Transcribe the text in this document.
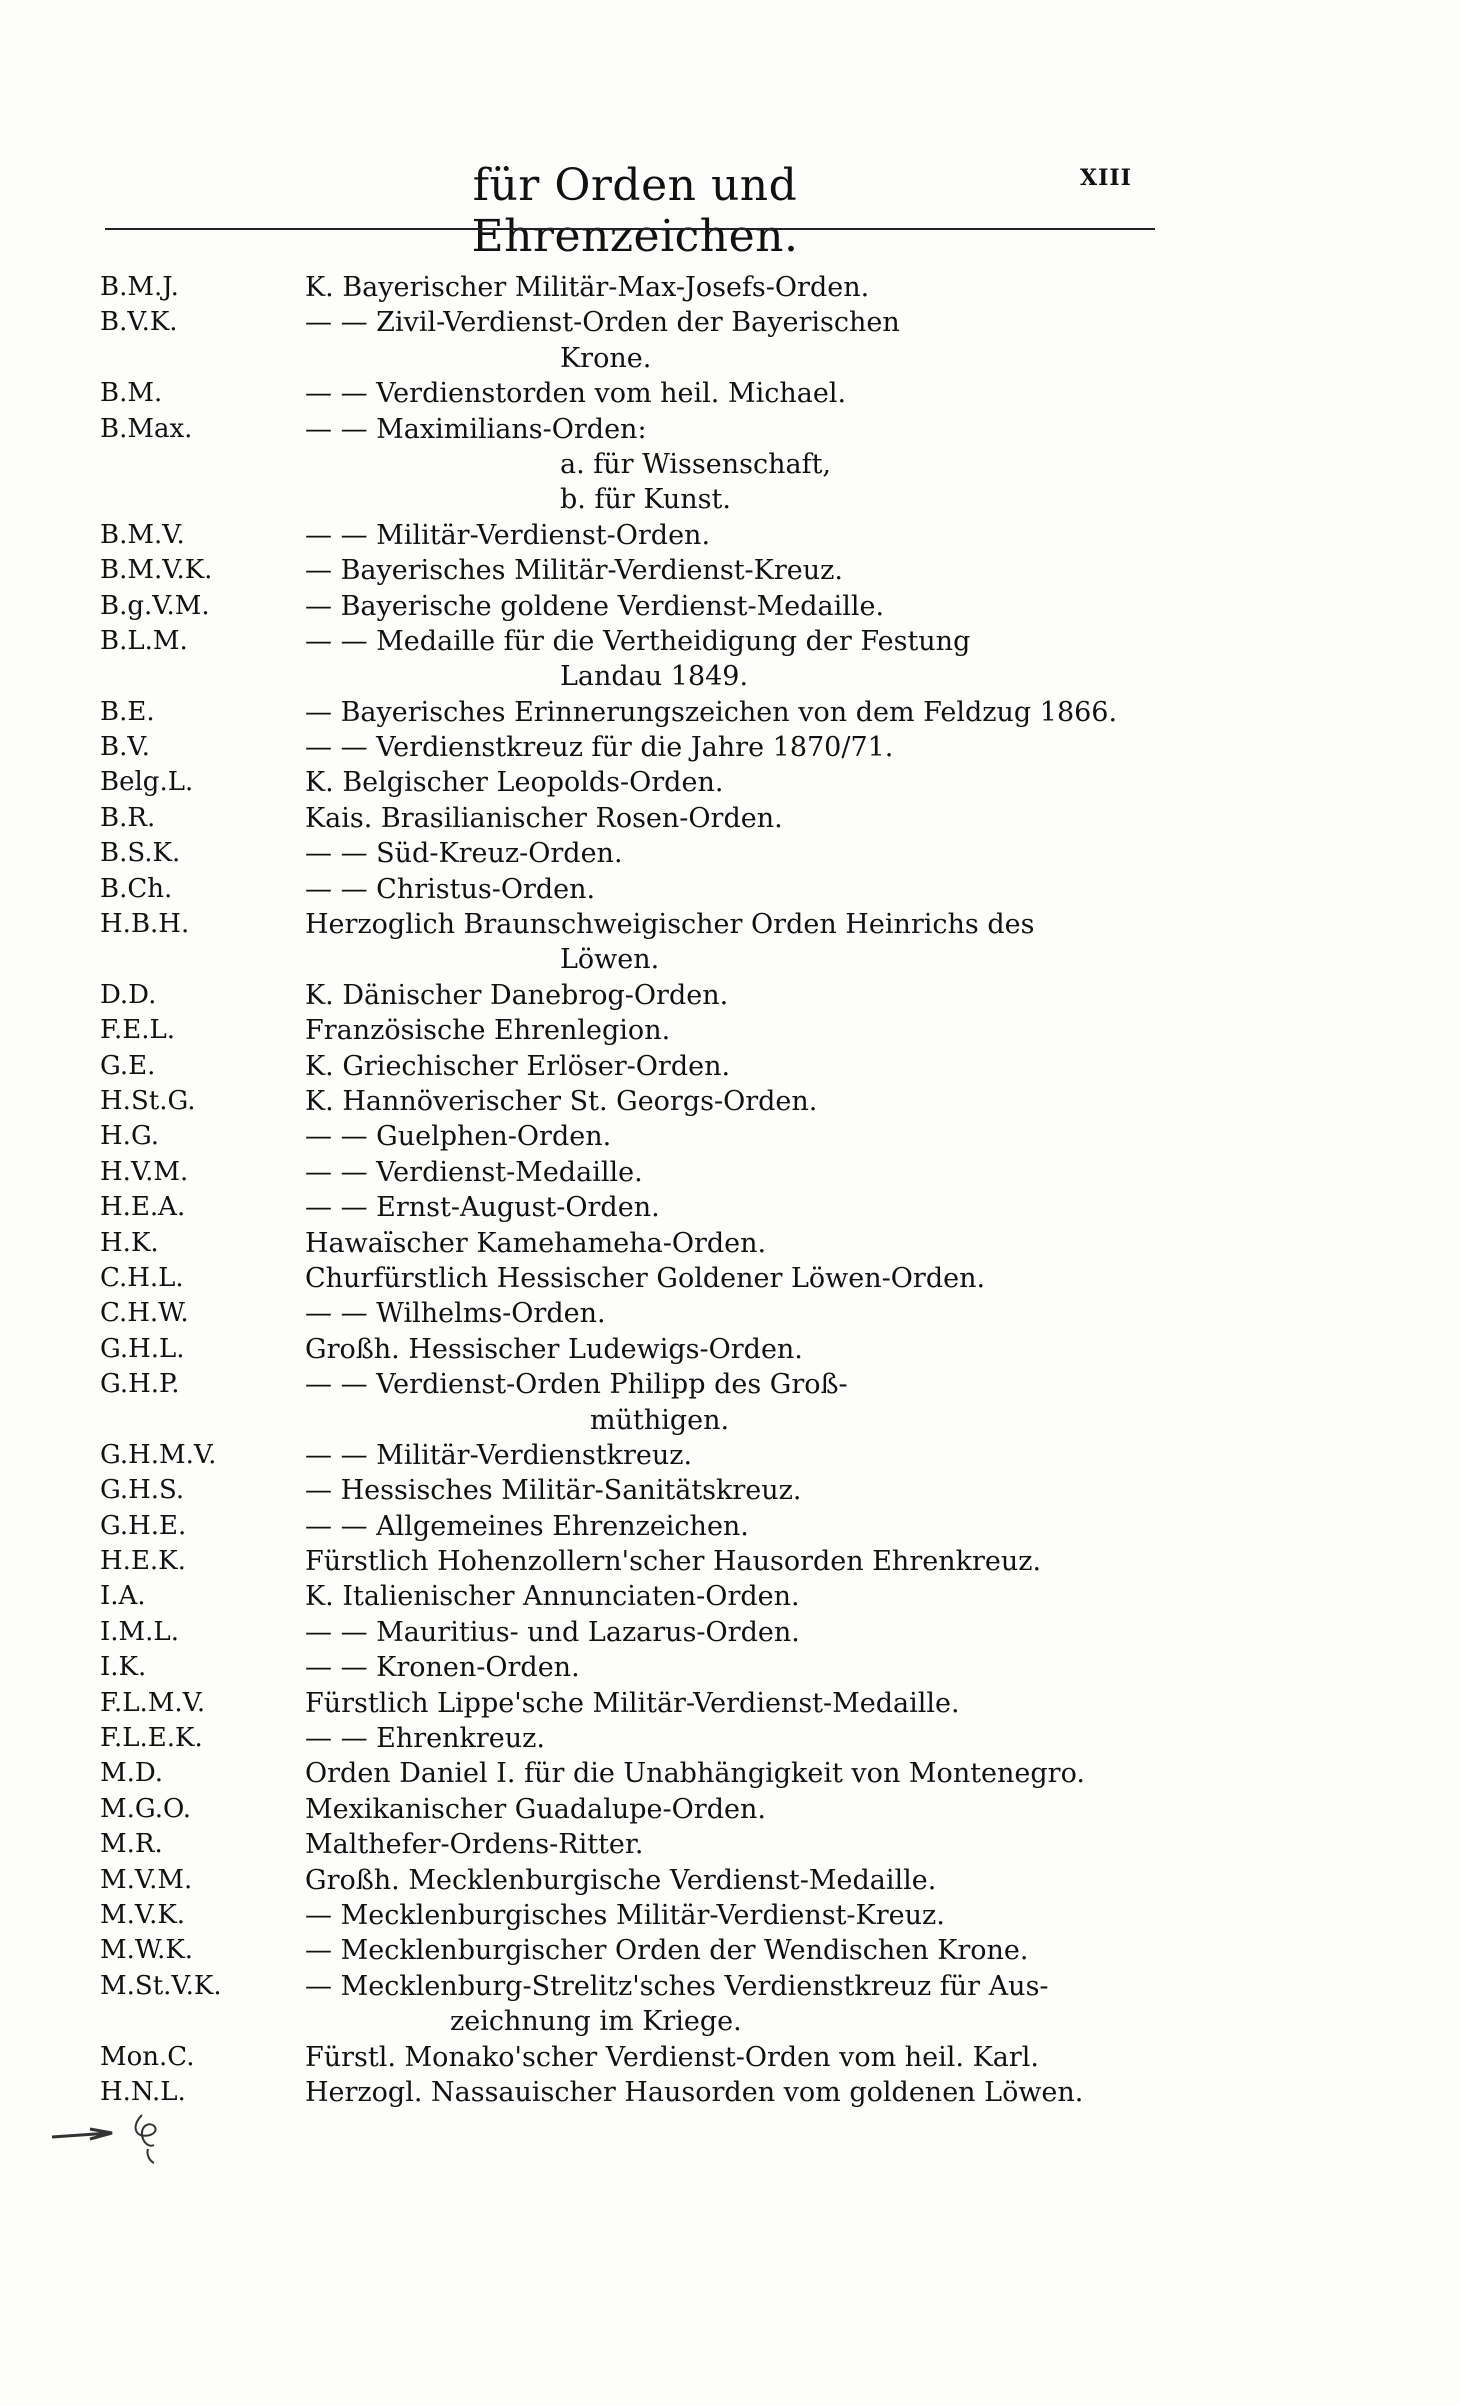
für Orden und Ehrenzeichen.
XIII
B.M.J.	K. Bayerischer Militär-Max-Josefs-Orden.
B.V.K.	— — Zivil-Verdienst-Orden der Bayerischen
Krone.
B.M.	— — Verdienstorden vom heil. Michael.
B.Max.	— — Maximilians-Orden:
a. für Wissenschaft,
b. für Kunst.
B.M.V.	— — Militär-Verdienst-Orden.
B.M.V.K.	— Bayerisches Militär-Verdienst-Kreuz.
B.g.V.M.	— Bayerische goldene Verdienst-Medaille.
B.L.M.	— — Medaille für die Vertheidigung der Festung
Landau 1849.
B.E.	— Bayerisches Erinnerungszeichen von dem Feldzug 1866.
B.V.	— — Verdienstkreuz für die Jahre 1870/71.
Belg.L.	K. Belgischer Leopolds-Orden.
B.R.	Kais. Brasilianischer Rosen-Orden.
B.S.K.	— — Süd-Kreuz-Orden.
B.Ch.	— — Christus-Orden.
H.B.H.	Herzoglich Braunschweigischer Orden Heinrichs des
Löwen.
D.D.	K. Dänischer Danebrog-Orden.
F.E.L.	Französische Ehrenlegion.
G.E.	K. Griechischer Erlöser-Orden.
H.St.G.	K. Hannöverischer St. Georgs-Orden.
H.G.	— — Guelphen-Orden.
H.V.M.	— — Verdienst-Medaille.
H.E.A.	— — Ernst-August-Orden.
H.K.	Hawaïscher Kamehameha-Orden.
C.H.L.	Churfürstlich Hessischer Goldener Löwen-Orden.
C.H.W.	— — Wilhelms-Orden.
G.H.L.	Großh. Hessischer Ludewigs-Orden.
G.H.P.	— — Verdienst-Orden Philipp des Groß-
müthigen.
G.H.M.V.	— — Militär-Verdienstkreuz.
G.H.S.	— Hessisches Militär-Sanitätskreuz.
G.H.E.	— — Allgemeines Ehrenzeichen.
H.E.K.	Fürstlich Hohenzollern'scher Hausorden Ehrenkreuz.
I.A.	K. Italienischer Annunciaten-Orden.
I.M.L.	— — Mauritius- und Lazarus-Orden.
I.K.	— — Kronen-Orden.
F.L.M.V.	Fürstlich Lippe'sche Militär-Verdienst-Medaille.
F.L.E.K.	— — Ehrenkreuz.
M.D.	Orden Daniel I. für die Unabhängigkeit von Montenegro.
M.G.O.	Mexikanischer Guadalupe-Orden.
M.R.	Malthefer-Ordens-Ritter.
M.V.M.	Großh. Mecklenburgische Verdienst-Medaille.
M.V.K.	— Mecklenburgisches Militär-Verdienst-Kreuz.
M.W.K.	— Mecklenburgischer Orden der Wendischen Krone.
M.St.V.K.	— Mecklenburg-Strelitz'sches Verdienstkreuz für Aus-
zeichnung im Kriege.
Mon.C.	Fürstl. Monako'scher Verdienst-Orden vom heil. Karl.
H.N.L.	Herzogl. Nassauischer Hausorden vom goldenen Löwen.
